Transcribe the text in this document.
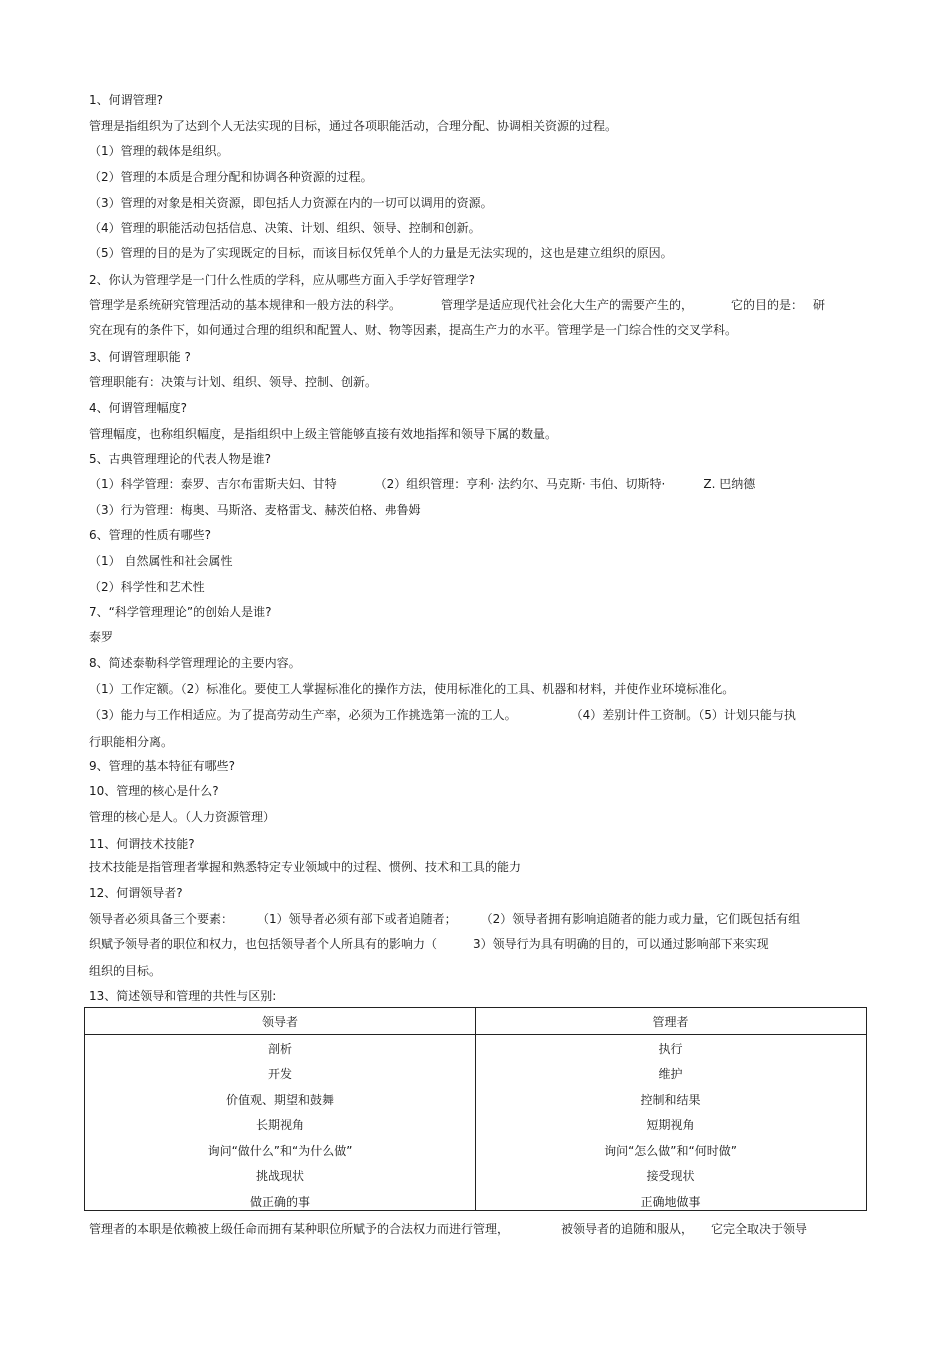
1、何谓管理?
管理是指组织为了达到个人无法实现的目标，通过各项职能活动，合理分配、协调相关资源的过程。
（1）管理的载体是组织。
（2）管理的本质是合理分配和协调各种资源的过程。
（3）管理的对象是相关资源，即包括人力资源在内的一切可以调用的资源。
（4）管理的职能活动包括信息、决策、计划、组织、领导、控制和创新。
（5）管理的目的是为了实现既定的目标，而该目标仅凭单个人的力量是无法实现的，这也是建立组织的原因。
2、你认为管理学是一门什么性质的学科，应从哪些方面入手学好管理学?
管理学是系统研究管理活动的基本规律和一般方法的科学。	管理学是适应现代社会化大生产的需要产生的，	它的目的是： 研
究在现有的条件下，如何通过合理的组织和配置人、财、物等因素，提高生产力的水平。管理学是一门综合性的交叉学科。
3、何谓管理职能 ?
管理职能有：决策与计划、组织、领导、控制、创新。
4、何谓管理幅度?
管理幅度，也称组织幅度，是指组织中上级主管能够直接有效地指挥和领导下属的数量。
5、古典管理理论的代表人物是谁?
（1）科学管理：泰罗、吉尔布雷斯夫妇、甘特	（2）组织管理：亨利· 法约尔、马克斯· 韦伯、切斯特·	Z. 巴纳德
（3）行为管理：梅奥、马斯洛、麦格雷戈、赫茨伯格、弗鲁姆
6、管理的性质有哪些?
（1） 自然属性和社会属性
（2）科学性和艺术性
7、“科学管理理论”的创始人是谁?
泰罗
8、简述泰勒科学管理理论的主要内容。
（1）工作定额。（2）标准化。要使工人掌握标准化的操作方法，使用标准化的工具、机器和材料，并使作业环境标准化。
（3）能力与工作相适应。为了提高劳动生产率，必须为工作挑选第一流的工人。	（4）差别计件工资制。（5）计划只能与执
行职能相分离。
9、管理的基本特征有哪些?
10、管理的核心是什么?
管理的核心是人。（人力资源管理）
11、何谓技术技能?
技术技能是指管理者掌握和熟悉特定专业领域中的过程、惯例、技术和工具的能力
12、何谓领导者?
领导者必须具备三个要素： （1）领导者必须有部下或者追随者； （2）领导者拥有影响追随者的能力或力量，它们既包括有组
织赋予领导者的职位和权力，也包括领导者个人所具有的影响力（	3）领导行为具有明确的目的，可以通过影响部下来实现
组织的目标。
13、简述领导和管理的共性与区别:
领导者	管理者
剖析	执行
开发	维护
价值观、期望和鼓舞	控制和结果
长期视角	短期视角
询问“做什么”和“为什么做”	询问“怎么做”和“何时做”
挑战现状	接受现状
做正确的事	正确地做事
管理者的本职是依赖被上级任命而拥有某种职位所赋予的合法权力而进行管理，	被领导者的追随和服从， 它完全取决于领导
